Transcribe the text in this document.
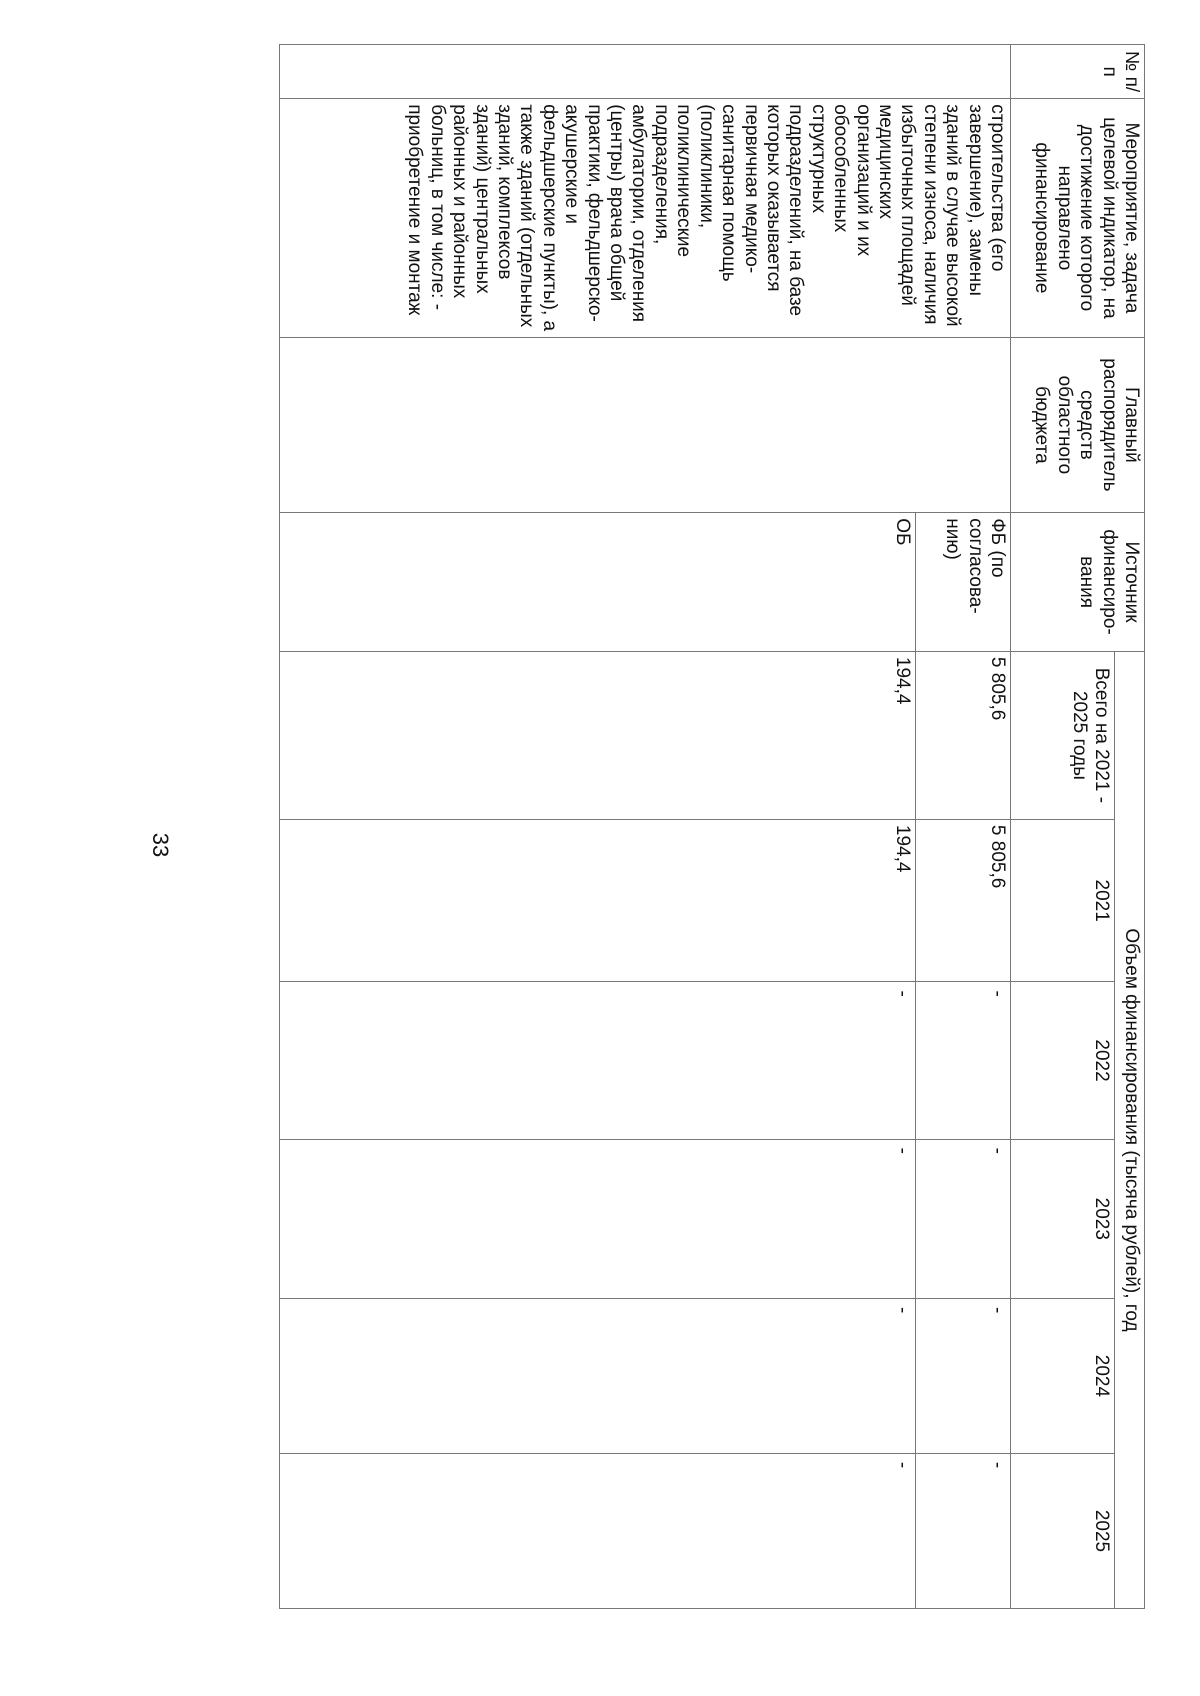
33
№ п/п	Мероприятие, задача целевой индикатор, на достижение которого направлено финансирование	Главный распорядитель средств областного бюджета	Источник финансиро-вания	Объем финансирования (тысяча рублей), год					
				Всего на 2021 - 2025 годы	2021	2022	2023	2024	2025
	строительства (его завершение), замены зданий в случае высокой степени износа, наличия избыточных площадей медицинских организаций и их обособленных структурных подразделений, на базе которых оказывается первичная медико-санитарная помощь (поликлиники, поликлинические подразделения, амбулатории, отделения (центры) врача общей практики, фельдшерско-акушерские и фельдшерские пункты), а также зданий (отдельных зданий, комплексов зданий) центральных районных и районных больниц, в том числе: - приобретение и монтаж		ФБ (по согласова-нию)	5 805,6	5 805,6	-	-	-	-
			ОБ	194,4	194,4	-	-	-	-
